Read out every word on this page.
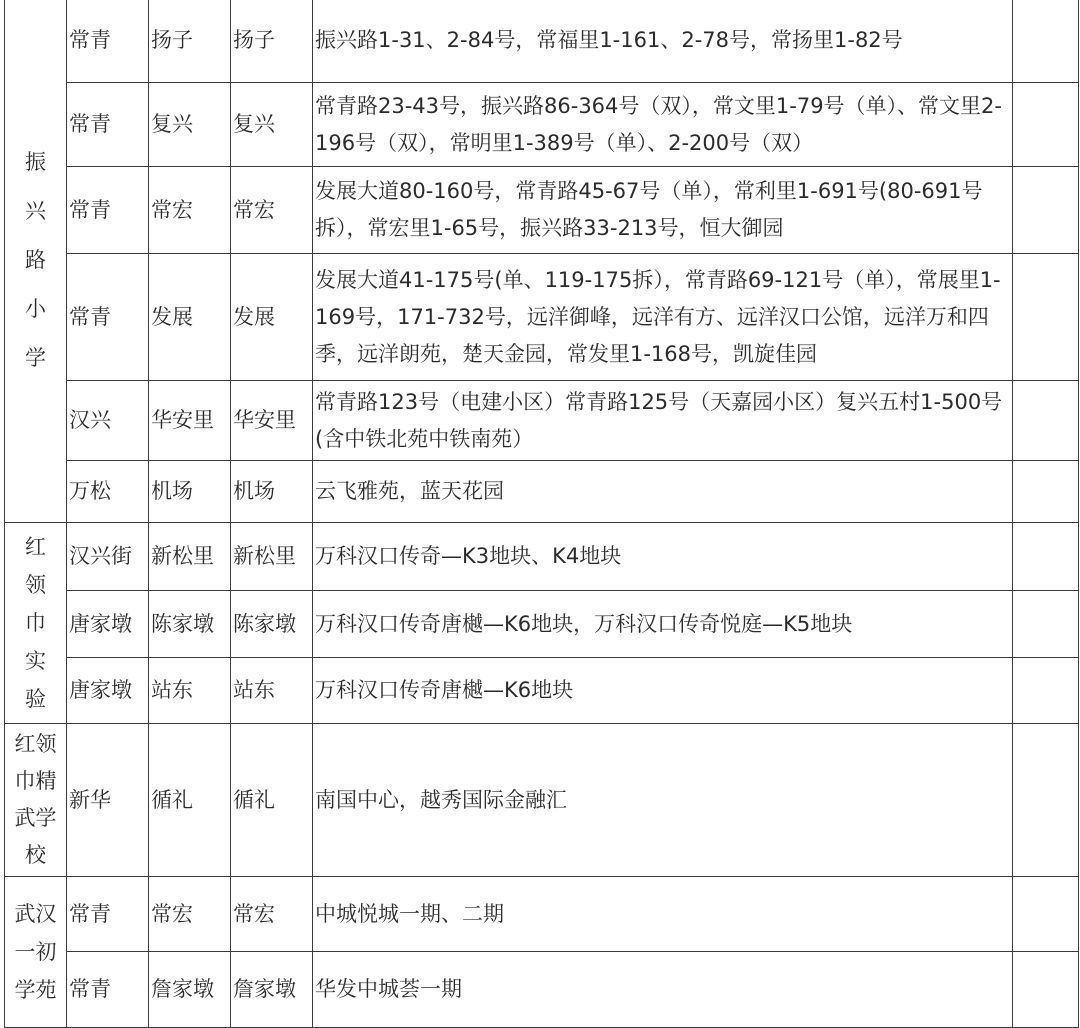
振兴路小学	常青	扬子	扬子	振兴路1-31、2-84号，常福里1-161、2-78号，常扬里1-82号	
	常青	复兴	复兴	常青路23-43号，振兴路86-364号（双），常文里1-79号（单）、常文里2-196号（双），常明里1-389号（单）、2-200号（双）	
	常青	常宏	常宏	发展大道80-160号，常青路45-67号（单），常利里1-691号(80-691号拆），常宏里1-65号，振兴路33-213号，恒大御园	
	常青	发展	发展	发展大道41-175号(单、119-175拆），常青路69-121号（单），常展里1-169号，171-732号，远洋御峰，远洋有方、远洋汉口公馆，远洋万和四季，远洋朗苑，楚天金园，常发里1-168号，凯旋佳园	
	汉兴	华安里	华安里	常青路123号（电建小区）常青路125号（天嘉园小区）复兴五村1-500号(含中铁北苑中铁南苑）	
	万松	机场	机场	云飞雅苑，蓝天花园	
红领巾实验	汉兴街	新松里	新松里	万科汉口传奇—K3地块、K4地块	
	唐家墩	陈家墩	陈家墩	万科汉口传奇唐樾—K6地块，万科汉口传奇悦庭—K5地块	
	唐家墩	站东	站东	万科汉口传奇唐樾—K6地块	
红领巾精武学校	新华	循礼	循礼	南国中心，越秀国际金融汇	
武汉一初学苑	常青	常宏	常宏	中城悦城一期、二期	
	常青	詹家墩	詹家墩	华发中城荟一期	
